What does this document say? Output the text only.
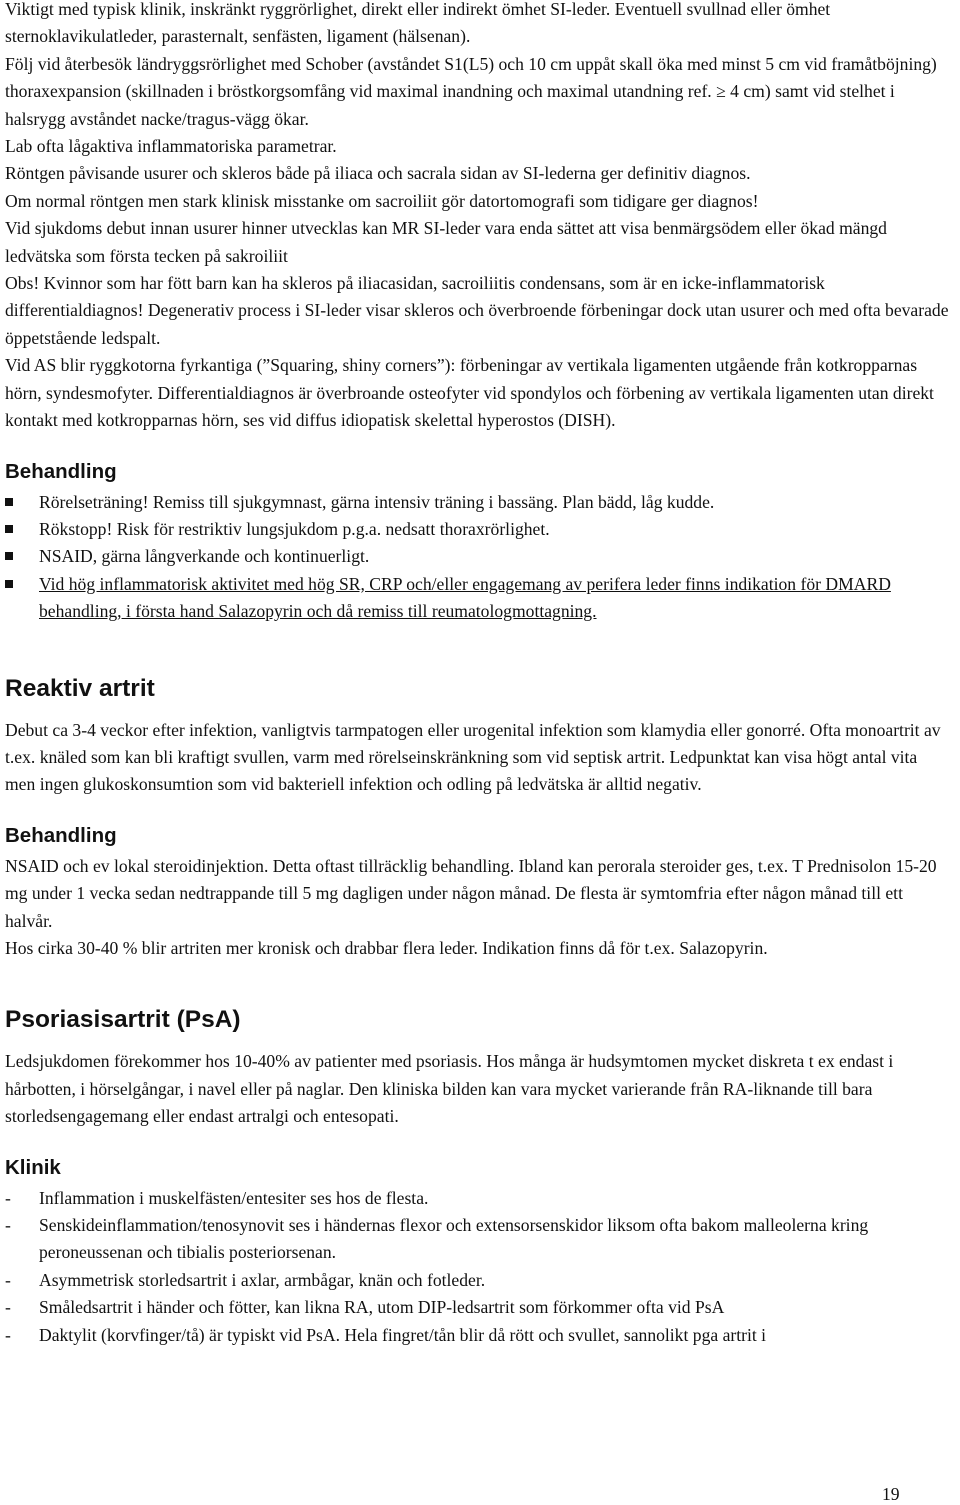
Viktigt med typisk klinik, inskränkt ryggrörlighet, direkt eller indirekt ömhet SI-leder. Eventuell svullnad eller ömhet sternoklavikulatleder, parasternalt, senfästen, ligament (hälsenan).

Följ vid återbesök ländryggsrörlighet med Schober (avståndet S1(L5) och 10 cm uppåt skall öka med minst 5 cm vid framåtböjning) thoraxexpansion (skillnaden i bröstkorgsomfång vid maximal inandning och maximal utandning ref. ≥ 4 cm) samt vid stelhet i halsrygg avståndet nacke/tragus-vägg ökar.

Lab ofta lågaktiva inflammatoriska parametrar.

Röntgen påvisande usurer och skleros både på iliaca och sacrala sidan av SI-lederna ger definitiv diagnos.

Om normal röntgen men stark klinisk misstanke om sacroiliit gör datortomografi som tidigare ger diagnos!

Vid sjukdoms debut innan usurer hinner utvecklas kan MR SI-leder vara enda sättet att visa benmärgsödem eller ökad mängd ledvätska som första tecken på sakroiliit

Obs! Kvinnor som har fött barn kan ha skleros på iliacasidan, sacroiliitis condensans, som är en icke-inflammatorisk differentialdiagnos! Degenerativ process i SI-leder visar skleros och överbroende förbeningar dock utan usurer och med ofta bevarade öppetstående ledspalt.

Vid AS blir ryggkotorna fyrkantiga (”Squaring, shiny corners”): förbeningar av vertikala ligamenten utgående från kotkropparnas hörn, syndesmofyter. Differentialdiagnos är överbroande osteofyter vid spondylos och förbening av vertikala ligamenten utan direkt kontakt med kotkropparnas hörn, ses vid diffus idiopatisk skelettal hyperostos (DISH).

Behandling
Rörelseträning! Remiss till sjukgymnast, gärna intensiv träning i bassäng. Plan bädd, låg kudde.
Rökstopp! Risk för restriktiv lungsjukdom p.g.a. nedsatt thoraxrörlighet.
NSAID, gärna långverkande och kontinuerligt.
Vid hög inflammatorisk aktivitet med hög SR, CRP och/eller engagemang av perifera leder finns indikation för DMARD behandling, i första hand Salazopyrin och då remiss till reumatologmottagning.
Reaktiv artrit

Debut ca 3-4 veckor efter infektion, vanligtvis tarmpatogen eller urogenital infektion som klamydia eller gonorré. Ofta monoartrit av t.ex. knäled som kan bli kraftigt svullen, varm med rörelseinskränkning som vid septisk artrit. Ledpunktat kan visa högt antal vita men ingen glukoskonsumtion som vid bakteriell infektion och odling på ledvätska är alltid negativ.

Behandling

NSAID och ev lokal steroidinjektion. Detta oftast tillräcklig behandling. Ibland kan perorala steroider ges, t.ex. T Prednisolon 15-20 mg under 1 vecka sedan nedtrappande till 5 mg dagligen under någon månad. De flesta är symtomfria efter någon månad till ett halvår.

Hos cirka 30-40 % blir artriten mer kronisk och drabbar flera leder. Indikation finns då för t.ex. Salazopyrin.

Psoriasisartrit (PsA)

Ledsjukdomen förekommer hos 10-40% av patienter med psoriasis. Hos många är hudsymtomen mycket diskreta t ex endast i hårbotten, i hörselgångar, i navel eller på naglar. Den kliniska bilden kan vara mycket varierande från RA-liknande till bara storledsengagemang eller endast artralgi och entesopati.

Klinik
- Inflammation i muskelfästen/entesiter ses hos de flesta.
- Senskideinflammation/tenosynovit ses i händernas flexor och extensorsenskidor liksom ofta bakom malleolerna kring peroneussenan och tibialis posteriorsenan.
- Asymmetrisk storledsartrit i axlar, armbågar, knän och fotleder.
- Småledsartrit i händer och fötter, kan likna RA, utom DIP-ledsartrit som förkommer ofta vid PsA
- Daktylit (korvfinger/tå) är typiskt vid PsA. Hela fingret/tån blir då rött och svullet, sannolikt pga artrit i
19
